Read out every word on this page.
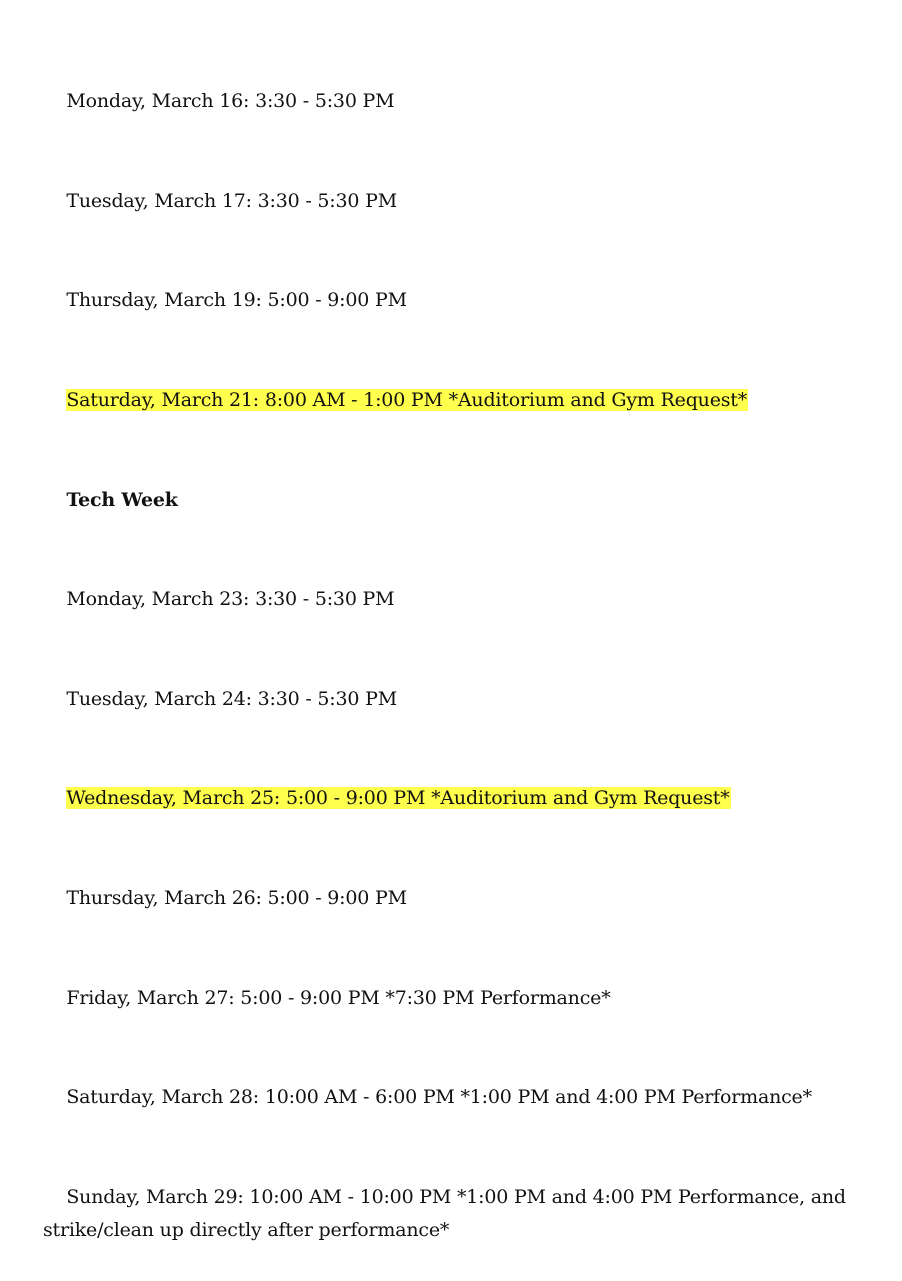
Monday, March 16: 3:30 - 5:30 PM

Tuesday, March 17: 3:30 - 5:30 PM

Thursday, March 19: 5:00 - 9:00 PM

Saturday, March 21: 8:00 AM - 1:00 PM *Auditorium and Gym Request*

Tech Week

Monday, March 23: 3:30 - 5:30 PM

Tuesday, March 24: 3:30 - 5:30 PM

Wednesday, March 25: 5:00 - 9:00 PM *Auditorium and Gym Request*

Thursday, March 26: 5:00 - 9:00 PM

Friday, March 27: 5:00 - 9:00 PM *7:30 PM Performance*

Saturday, March 28: 10:00 AM - 6:00 PM *1:00 PM and 4:00 PM Performance*

Sunday, March 29: 10:00 AM - 10:00 PM *1:00 PM and 4:00 PM Performance, and strike/clean up directly after performance*
